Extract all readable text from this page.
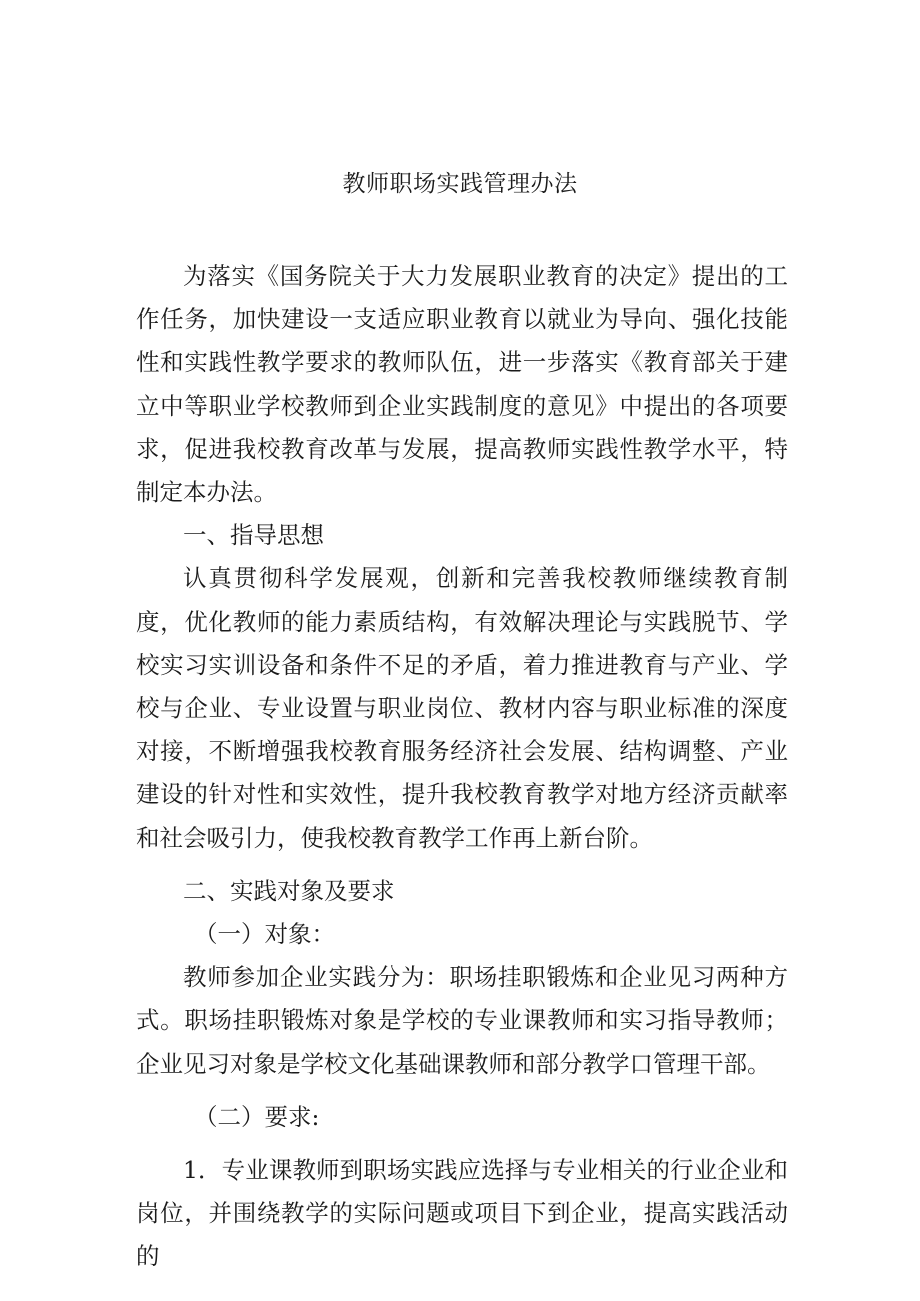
教师职场实践管理办法

为落实《国务院关于大力发展职业教育的决定》提出的工作任务，加快建设一支适应职业教育以就业为导向、强化技能性和实践性教学要求的教师队伍，进一步落实《教育部关于建立中等职业学校教师到企业实践制度的意见》中提出的各项要求，促进我校教育改革与发展，提高教师实践性教学水平，特制定本办法。

一、指导思想

认真贯彻科学发展观，创新和完善我校教师继续教育制度，优化教师的能力素质结构，有效解决理论与实践脱节、学校实习实训设备和条件不足的矛盾，着力推进教育与产业、学校与企业、专业设置与职业岗位、教材内容与职业标准的深度对接，不断增强我校教育服务经济社会发展、结构调整、产业建设的针对性和实效性，提升我校教育教学对地方经济贡献率和社会吸引力，使我校教育教学工作再上新台阶。

二、实践对象及要求

（一）对象：

教师参加企业实践分为：职场挂职锻炼和企业见习两种方式。职场挂职锻炼对象是学校的专业课教师和实习指导教师；企业见习对象是学校文化基础课教师和部分教学口管理干部。

（二）要求:

1．专业课教师到职场实践应选择与专业相关的行业企业和岗位，并围绕教学的实际问题或项目下到企业，提高实践活动的
